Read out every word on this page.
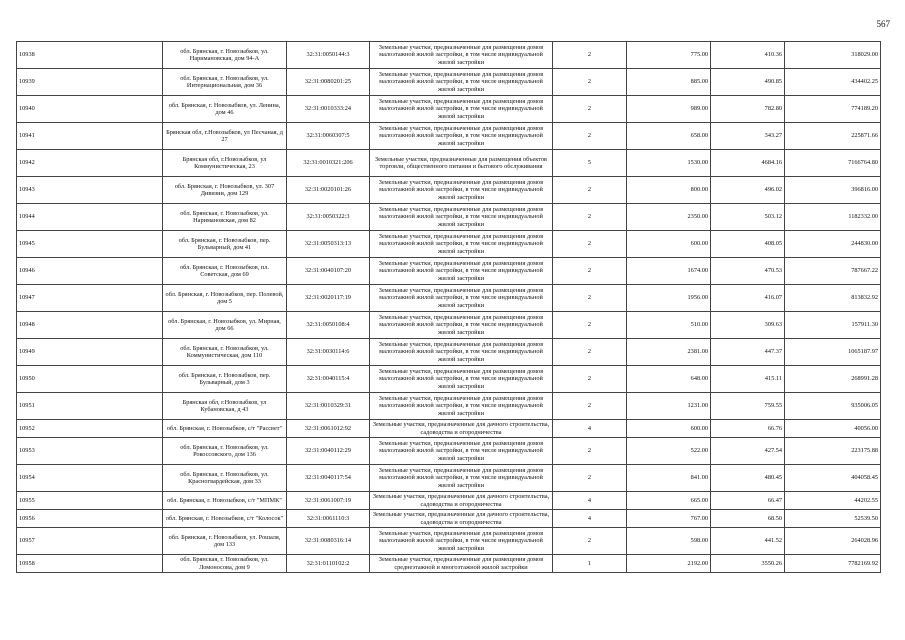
567
10938	обл. Брянская, г. Новозыбков, ул. Наримановская, дом 94-А	32:31:0050144:3	Земельные участки, предназначенные для размещения домов малоэтажной жилой застройки, в том числе индивидуальной жилой застройки	2	775.00	410.36	318029.00
10939	обл. Брянская, г. Новозыбков, ул. Интернациональная, дом 36	32:31:0080201:25	Земельные участки, предназначенные для размещения домов малоэтажной жилой застройки, в том числе индивидуальной жилой застройки	2	885.00	490.85	434402.25
10940	обл. Брянская, г. Новозыбков, ул. Ленина, дом 46	32:31:0010333:24	Земельные участки, предназначенные для размещения домов малоэтажной жилой застройки, в том числе индивидуальной жилой застройки	2	989.00	782.80	774189.20
10941	Брянская обл, г.Новозыбков, ул Песчаная, д 27	32:31:0060307:5	Земельные участки, предназначенные для размещения домов малоэтажной жилой застройки, в том числе индивидуальной жилой застройки	2	658.00	343.27	225871.66
10942	Брянская обл, г.Новозыбков, ул Коммунистическая, 23	32:31:0010321:206	Земельные участки, предназначенные для размещения объектов торговли, общественного питания и бытового обслуживания	5	1530.00	4684.16	7166764.80
10943	обл. Брянская, г. Новозыбков, ул. 307 Дивизии, дом 129	32:31:0020101:26	Земельные участки, предназначенные для размещения домов малоэтажной жилой застройки, в том числе индивидуальной жилой застройки	2	800.00	496.02	396816.00
10944	обл. Брянская, г. Новозыбков, ул. Наримановская, дом 82	32:31:0050322:3	Земельные участки, предназначенные для размещения домов малоэтажной жилой застройки, в том числе индивидуальной жилой застройки	2	2350.00	503.12	1182332.00
10945	обл. Брянская, г. Новозыбков, пер. Бульварный, дом 41	32:31:0050313:13	Земельные участки, предназначенные для размещения домов малоэтажной жилой застройки, в том числе индивидуальной жилой застройки	2	600.00	408.05	244830.00
10946	обл. Брянская, г. Новозыбков, пл. Советская, дом 69	32:31:0040107:20	Земельные участки, предназначенные для размещения домов малоэтажной жилой застройки, в том числе индивидуальной жилой застройки	2	1674.00	470.53	787667.22
10947	обл. Брянская, г. Новозыбков, пер. Полевой, дом 5	32:31:0020117:19	Земельные участки, предназначенные для размещения домов малоэтажной жилой застройки, в том числе индивидуальной жилой застройки	2	1956.00	416.07	813832.92
10948	обл. Брянская, г. Новозыбков, ул. Мирная, дом 66	32:31:0050108:4	Земельные участки, предназначенные для размещения домов малоэтажной жилой застройки, в том числе индивидуальной жилой застройки	2	510.00	309.63	157911.30
10949	обл. Брянская, г. Новозыбков, ул. Коммунистическая, дом 110	32:31:0030114:6	Земельные участки, предназначенные для размещения домов малоэтажной жилой застройки, в том числе индивидуальной жилой застройки	2	2381.00	447.37	1065187.97
10950	обл. Брянская, г. Новозыбков, пер. Бульварный, дом 3	32:31:0040115:4	Земельные участки, предназначенные для размещения домов малоэтажной жилой застройки, в том числе индивидуальной жилой застройки	2	648.00	415.11	268991.28
10951	Брянская обл, г.Новозыбков, ул Кубановская, д 43	32:31:0010329:31	Земельные участки, предназначенные для размещения домов малоэтажной жилой застройки, в том числе индивидуальной жилой застройки	2	1231.00	759.55	935006.05
10952	обл. Брянская, г. Новозыбков, с/т "Рассвет"	32:31:0061012:92	Земельные участки, предназначенные для дачного строительства, садоводства и огородничества	4	600.00	66.76	40056.00
10953	обл. Брянская, г. Новозыбков, ул. Рокоссовского, дом 136	32:31:0040112:29	Земельные участки, предназначенные для размещения домов малоэтажной жилой застройки, в том числе индивидуальной жилой застройки	2	522.00	427.54	223175.88
10954	обл. Брянская, г. Новозыбков, ул. Красногвардейская, дом 33	32:31:0040117:54	Земельные участки, предназначенные для размещения домов малоэтажной жилой застройки, в том числе индивидуальной жилой застройки	2	841.00	480.45	404058.45
10955	обл. Брянская, г. Новозыбков, с/т "МПМК"	32:31:0061007:19	Земельные участки, предназначенные для дачного строительства, садоводства и огородничества	4	665.00	66.47	44202.55
10956	обл. Брянская, г. Новозыбков, с/т "Колосок"	32:31:0061110:3	Земельные участки, предназначенные для дачного строительства, садоводства и огородничества	4	767.00	68.50	52539.50
10957	обл. Брянская, г. Новозыбков, ул. Рошаля, дом 133	32:31:0080316:14	Земельные участки, предназначенные для размещения домов малоэтажной жилой застройки, в том числе индивидуальной жилой застройки	2	598.00	441.52	264028.96
10958	обл. Брянская, г. Новозыбков, ул. Ломоносова, дом 9	32:31:0110102:2	Земельные участки, предназначенные для размещения домов среднеэтажной и многоэтажной жилой застройки	1	2192.00	3550.26	7782169.92
